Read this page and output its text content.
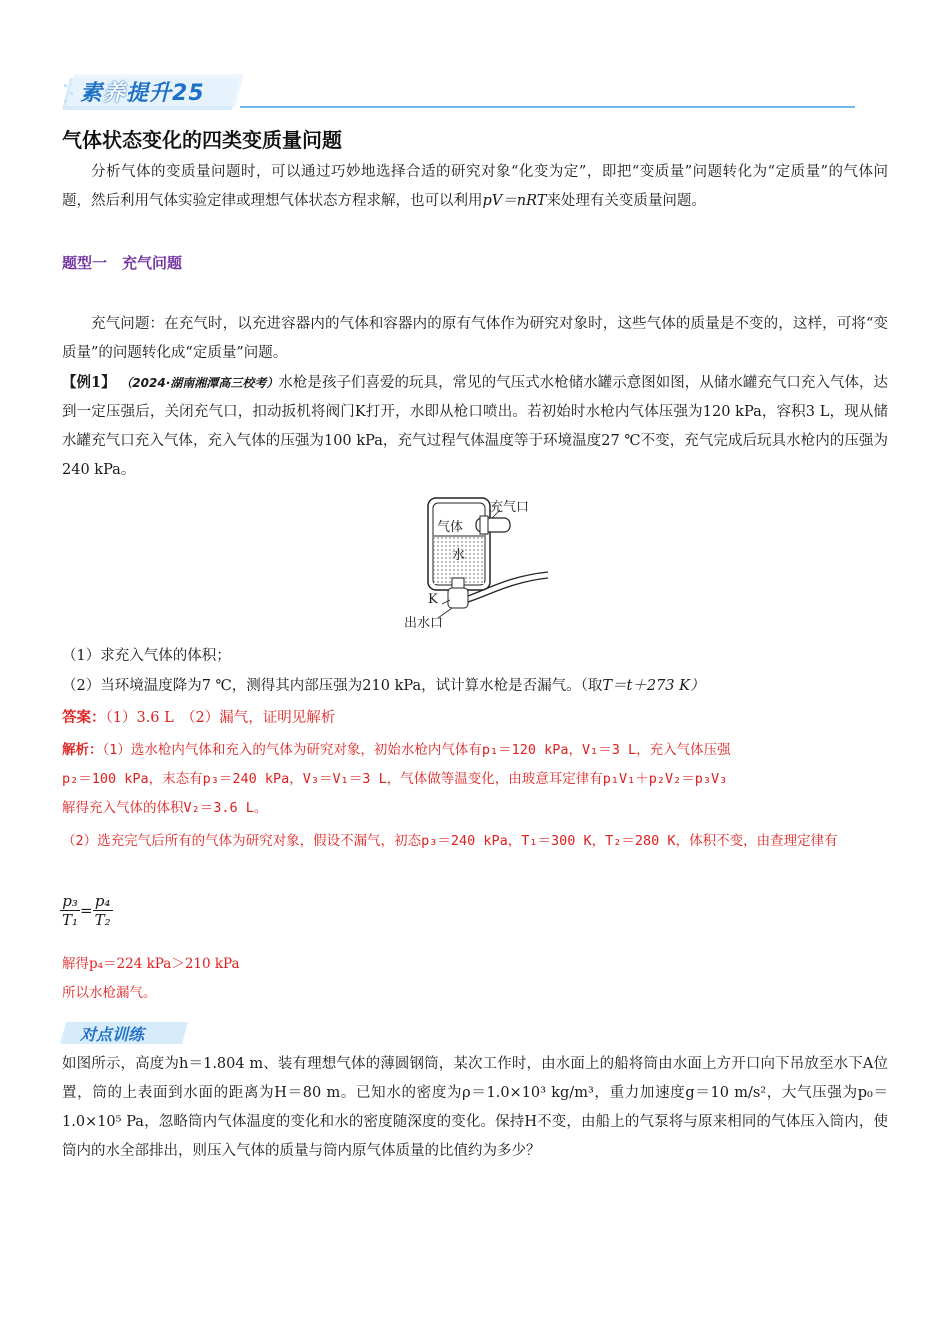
素养提升25
气体状态变化的四类变质量问题
分析气体的变质量问题时，可以通过巧妙地选择合适的研究对象“化变为定”，即把“变质量”问题转化为“定质量”的气体问题，然后利用气体实验定律或理想气体状态方程求解，也可以利用pV＝nRT来处理有关变质量问题。
题型一　充气问题
充气问题：在充气时，以充进容器内的气体和容器内的原有气体作为研究对象时，这些气体的质量是不变的，这样，可将“变质量”的问题转化成“定质量”问题。
【例1】 （2024·湖南湘潭高三校考）水枪是孩子们喜爱的玩具，常见的气压式水枪储水罐示意图如图，从储水罐充气口充入气体，达到一定压强后，关闭充气口，扣动扳机将阀门K打开，水即从枪口喷出。若初始时水枪内气体压强为120 kPa，容积3 L，现从储水罐充气口充入气体，充入气体的压强为100 kPa，充气过程气体温度等于环境温度27 ℃不变，充气完成后玩具水枪内的压强为240 kPa。
充气口
气体
水
K
出水口
（1）求充入气体的体积；
（2）当环境温度降为7 ℃，测得其内部压强为210 kPa，试计算水枪是否漏气。（取T＝t＋273 K）
答案：（1）3.6 L　（2）漏气，证明见解析
解析：（1）选水枪内气体和充入的气体为研究对象，初始水枪内气体有p₁＝120 kPa，V₁＝3 L，充入气体压强
p₂＝100 kPa，末态有p₃＝240 kPa，V₃＝V₁＝3 L，气体做等温变化，由玻意耳定律有p₁V₁＋p₂V₂＝p₃V₃
解得充入气体的体积V₂＝3.6 L。
（2）选充完气后所有的气体为研究对象，假设不漏气，初态p₃＝240 kPa，T₁＝300 K，T₂＝280 K，体积不变，由查理定律有
$\frac{\text{p₃}}{\text{T₁}} = \frac{\text{p₄}}{\text{T₂}}$
解得p₄＝224 kPa＞210 kPa
所以水枪漏气。
对点训练
如图所示，高度为h＝1.804 m、装有理想气体的薄圆钢筒，某次工作时，由水面上的船将筒由水面上方开口向下吊放至水下A位置，筒的上表面到水面的距离为H＝80 m。已知水的密度为ρ＝1.0×10³ kg/m³，重力加速度g＝10 m/s²，大气压强为p₀＝1.0×10⁵ Pa，忽略筒内气体温度的变化和水的密度随深度的变化。保持H不变，由船上的气泵将与原来相同的气体压入筒内，使筒内的水全部排出，则压入气体的质量与筒内原气体质量的比值约为多少？
